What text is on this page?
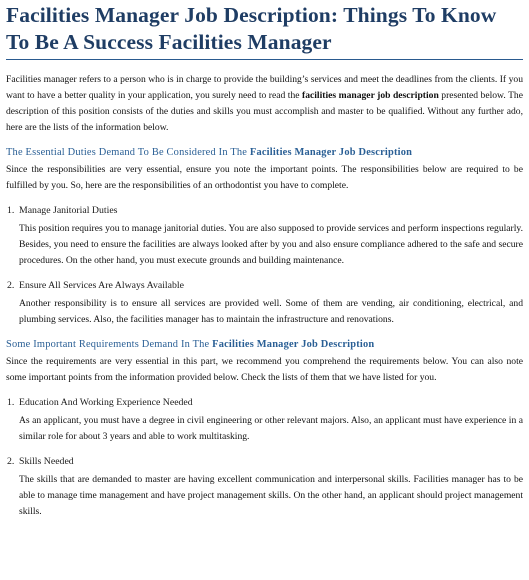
Facilities Manager Job Description: Things To Know To Be A Success Facilities Manager

Facilities manager refers to a person who is in charge to provide the building’s services and meet the deadlines from the clients. If you want to have a better quality in your application, you surely need to read the facilities manager job description presented below. The description of this position consists of the duties and skills you must accomplish and master to be qualified. Without any further ado, here are the lists of the information below.

The Essential Duties Demand To Be Considered In The Facilities Manager Job Description

Since the responsibilities are very essential, ensure you note the important points. The responsibilities below are required to be fulfilled by you. So, here are the responsibilities of an orthodontist you have to complete.

1. Manage Janitorial Duties

This position requires you to manage janitorial duties. You are also supposed to provide services and perform inspections regularly. Besides, you need to ensure the facilities are always looked after by you and also ensure compliance adhered to the safe and secure procedures. On the other hand, you must execute grounds and building maintenance.

2. Ensure All Services Are Always Available

Another responsibility is to ensure all services are provided well. Some of them are vending, air conditioning, electrical, and plumbing services. Also, the facilities manager has to maintain the infrastructure and renovations.

Some Important Requirements Demand In The Facilities Manager Job Description

Since the requirements are very essential in this part, we recommend you comprehend the requirements below. You can also note some important points from the information provided below. Check the lists of them that we have listed for you.

1. Education And Working Experience Needed

As an applicant, you must have a degree in civil engineering or other relevant majors. Also, an applicant must have experience in a similar role for about 3 years and able to work multitasking.

2. Skills Needed

The skills that are demanded to master are having excellent communication and interpersonal skills. Facilities manager has to be able to manage time management and have project management skills. On the other hand, an applicant should project management skills.
